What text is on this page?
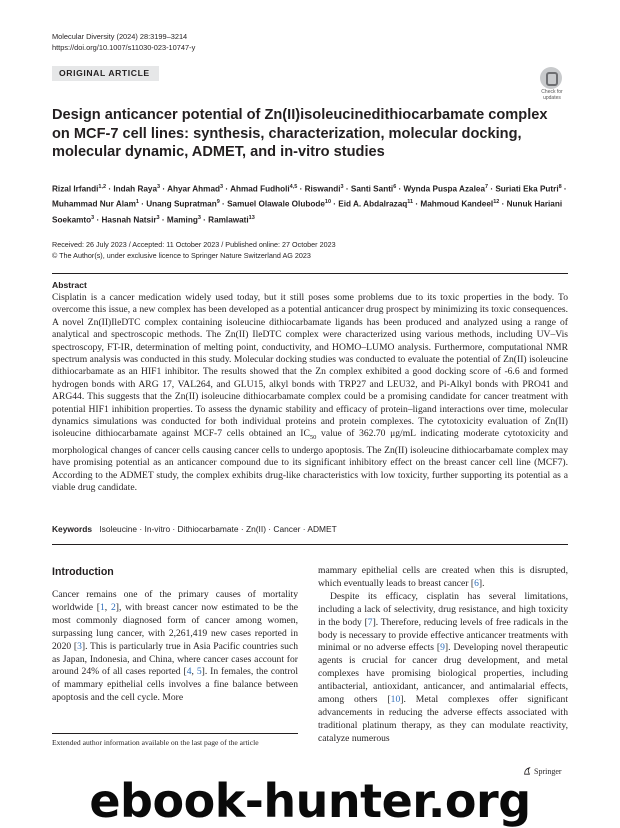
Molecular Diversity (2024) 28:3199–3214
https://doi.org/10.1007/s11030-023-10747-y
ORIGINAL ARTICLE
Check for updates
Design anticancer potential of Zn(II)isoleucinedithiocarbamate complex on MCF-7 cell lines: synthesis, characterization, molecular docking, molecular dynamic, ADMET, and in-vitro studies
Rizal Irfandi$^{1,2}$ · Indah Raya$^3$ · Ahyar Ahmad$^3$ · Ahmad Fudholi$^{4,5}$ · Riswandi$^3$ · Santi Santi$^6$ · Wynda Puspa Azalea$^7$ · Suriati Eka Putri$^8$ · Muhammad Nur Alam$^1$ · Unang Supratman$^9$ · Samuel Olawale Olubode$^{10}$ · Eid A. Abdalrazaq$^{11}$ · Mahmoud Kandeel$^{12}$ · Nunuk Hariani Soekamto$^3$ · Hasnah Natsir$^3$ · Maming$^3$ · Ramlawati$^{13}$
Received: 26 July 2023 / Accepted: 11 October 2023 / Published online: 27 October 2023
© The Author(s), under exclusive licence to Springer Nature Switzerland AG 2023
Abstract
Cisplatin is a cancer medication widely used today, but it still poses some problems due to its toxic properties in the body. To overcome this issue, a new complex has been developed as a potential anticancer drug prospect by minimizing its toxic consequences. A novel Zn(II)IleDTC complex containing isoleucine dithiocarbamate ligands has been produced and analyzed using a range of analytical and spectroscopic methods. The Zn(II) IleDTC complex were characterized using various methods, including UV–Vis spectroscopy, FT-IR, determination of melting point, conductivity, and HOMO–LUMO analysis. Furthermore, computational NMR spectrum analysis was conducted in this study. Molecular docking studies was conducted to evaluate the potential of Zn(II) isoleucine dithiocarbamate as an HIF1 inhibitor. The results showed that the Zn complex exhibited a good docking score of -6.6 and formed hydrogen bonds with ARG 17, VAL264, and GLU15, alkyl bonds with TRP27 and LEU32, and Pi-Alkyl bonds with PRO41 and ARG44. This suggests that the Zn(II) isoleucine dithiocarbamate complex could be a promising candidate for cancer treatment with potential HIF1 inhibition properties. To assess the dynamic stability and efficacy of protein–ligand interactions over time, molecular dynamics simulations was conducted for both individual proteins and protein complexes. The cytotoxicity evaluation of Zn(II) isoleucine dithiocarbamate against MCF-7 cells obtained an $IC_{50}$ value of 362.70 μg/mL indicating moderate cytotoxicity and morphological changes of cancer cells causing cancer cells to undergo apoptosis. The Zn(II) isoleucine dithiocarbamate complex may have promising potential as an anticancer compound due to its significant inhibitory effect on the breast cancer cell line (MCF7). According to the ADMET study, the complex exhibits drug-like characteristics with low toxicity, further supporting its potential as a viable drug candidate.
Keywords Isoleucine · In-vitro · Dithiocarbamate · Zn(II) · Cancer · ADMET
Introduction

Cancer remains one of the primary causes of mortality worldwide [1, 2], with breast cancer now estimated to be the most commonly diagnosed form of cancer among women, surpassing lung cancer, with 2,261,419 new cases reported in 2020 [3]. This is particularly true in Asia Pacific countries such as Japan, Indonesia, and China, where cancer cases account for around 24% of all cases reported [4, 5]. In females, the control of mammary epithelial cells involves a fine balance between apoptosis and the cell cycle. More

mammary epithelial cells are created when this is disrupted, which eventually leads to breast cancer [6].

Despite its efficacy, cisplatin has several limitations, including a lack of selectivity, drug resistance, and high toxicity in the body [7]. Therefore, reducing levels of free radicals in the body is necessary to provide effective anticancer treatments with minimal or no adverse effects [9]. Developing novel therapeutic agents is crucial for cancer drug development, and metal complexes have promising biological properties, including antibacterial, antioxidant, anticancer, and antimalarial effects, among others [10]. Metal complexes offer significant advancements in reducing the adverse effects associated with traditional platinum therapy, as they can modulate reactivity, catalyze numerous

Extended author information available on the last page of the article
Springer
ebook-hunter.org
